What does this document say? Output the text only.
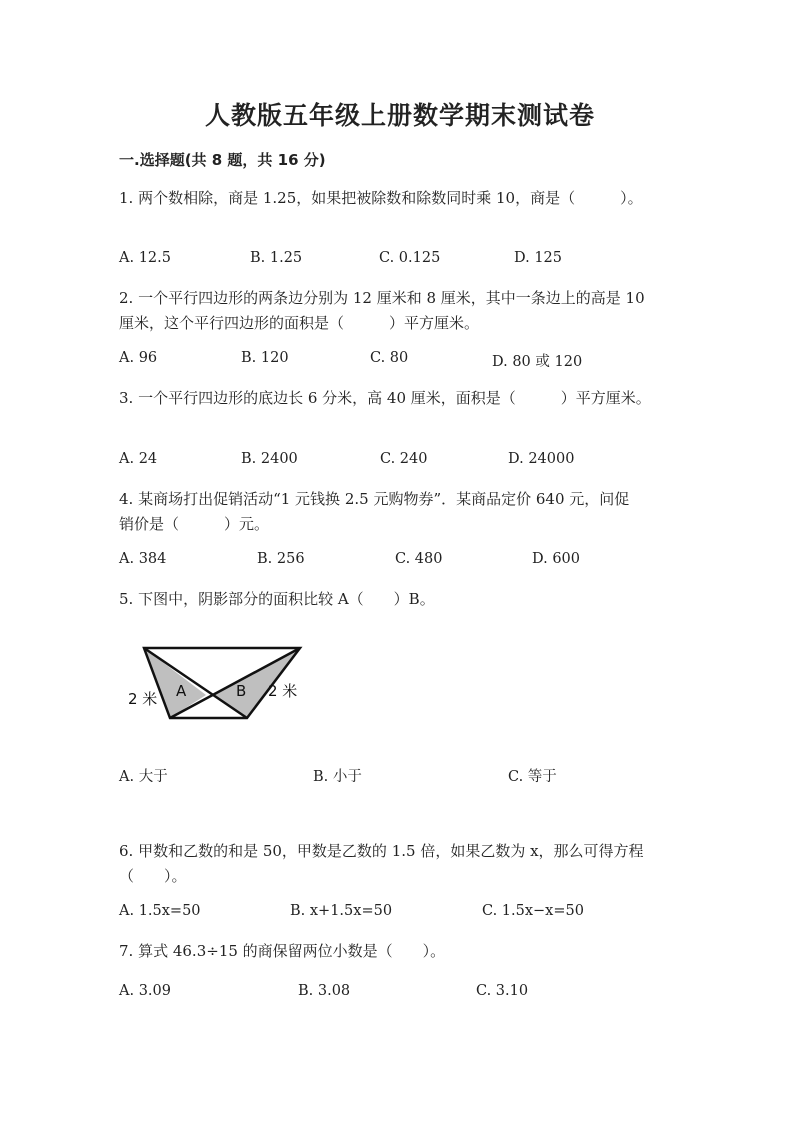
人教版五年级上册数学期末测试卷
一.选择题(共 8 题，共 16 分)
1. 两个数相除，商是 1.25，如果把被除数和除数同时乘 10，商是（　　　）。
A. 12.5	B. 1.25	C. 0.125	D. 125
2. 一个平行四边形的两条边分别为 12 厘米和 8 厘米，其中一条边上的高是 10
厘米，这个平行四边形的面积是（　　　）平方厘米。
A. 96	B. 120	C. 80	D. 80 或 120
3. 一个平行四边形的底边长 6 分米，高 40 厘米，面积是（　　　）平方厘米。
A. 24	B. 2400	C. 240	D. 24000
4. 某商场打出促销活动“1 元钱换 2.5 元购物券”．某商品定价 640 元，问促
销价是（　　　）元。
A. 384	B. 256	C. 480	D. 600
5. 下图中，阴影部分的面积比较 A（　　）B。
A	B
2 米	2 米
A. 大于	B. 小于	C. 等于
6. 甲数和乙数的和是 50，甲数是乙数的 1.5 倍，如果乙数为 x，那么可得方程
（　　）。
A. 1.5x=50	B. x+1.5x=50	C. 1.5x−x=50
7. 算式 46.3÷15 的商保留两位小数是（　　）。
A. 3.09	B. 3.08	C. 3.10
